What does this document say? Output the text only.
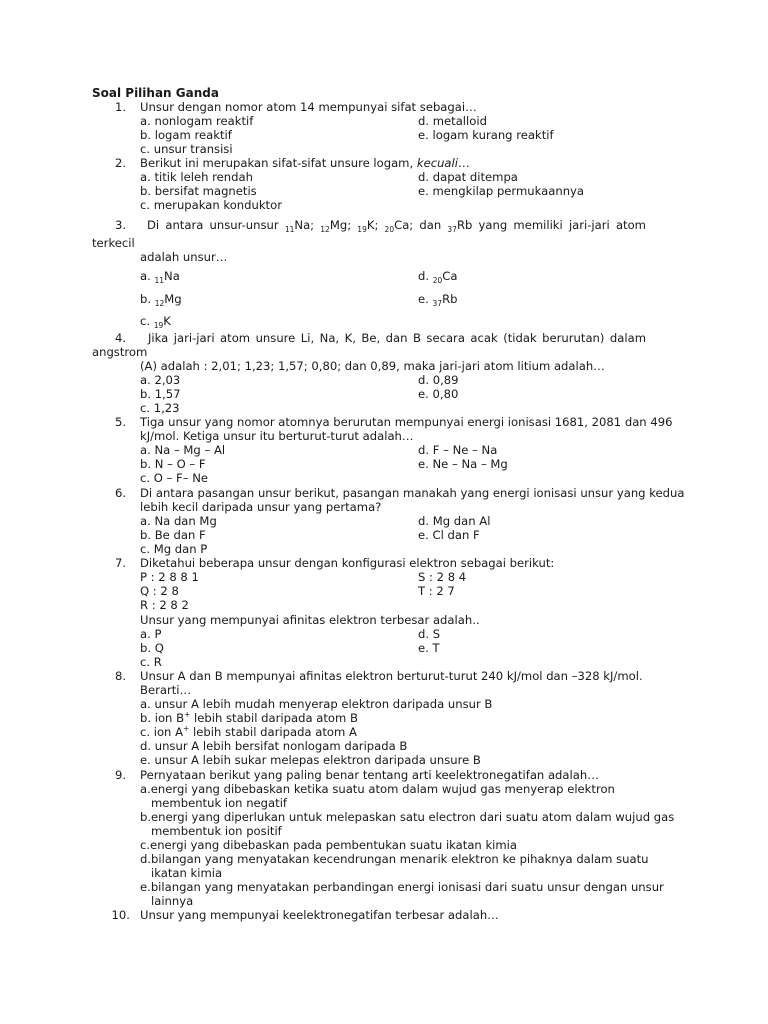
Soal Pilihan Ganda
1. Unsur dengan nomor atom 14 mempunyai sifat sebagai…
a. nonlogam reaktif	d. metalloid
b. logam reaktif	e. logam kurang reaktif
c. unsur transisi
2. Berikut ini merupakan sifat-sifat unsure logam, kecuali…
a. titik leleh rendah	d. dapat ditempa
b. bersifat magnetis	e. mengkilap permukaannya
c. merupakan konduktor
3. Di antara unsur-unsur $_{11}$Na; $_{12}$Mg; $_{19}$K; $_{20}$Ca; dan $_{37}$Rb yang memiliki jari-jari atom
terkecil
adalah unsur…
a. $_{11}$Na	d. $_{20}$Ca
b. $_{12}$Mg	e. $_{37}$Rb
c. $_{19}$K
4. Jika jari-jari atom unsure Li, Na, K, Be, dan B secara acak (tidak berurutan) dalam
angstrom
(A) adalah : 2,01; 1,23; 1,57; 0,80; dan 0,89, maka jari-jari atom litium adalah…
a. 2,03	d. 0,89
b. 1,57	e. 0,80
c. 1,23
5. Tiga unsur yang nomor atomnya berurutan mempunyai energi ionisasi 1681, 2081 dan 496
kJ/mol. Ketiga unsur itu berturut-turut adalah…
a. Na – Mg – Al	d. F – Ne – Na
b. N – O – F	e. Ne – Na – Mg
c. O – F– Ne
6. Di antara pasangan unsur berikut, pasangan manakah yang energi ionisasi unsur yang kedua
lebih kecil daripada unsur yang pertama?
a. Na dan Mg	d. Mg dan Al
b. Be dan F	e. Cl dan F
c. Mg dan P
7. Diketahui beberapa unsur dengan konfigurasi elektron sebagai berikut:
P : 2 8 8 1	S : 2 8 4
Q : 2 8	T : 2 7
R : 2 8 2
Unsur yang mempunyai afinitas elektron terbesar adalah..
a. P	d. S
b. Q	e. T
c. R
8. Unsur A dan B mempunyai afinitas elektron berturut-turut 240 kJ/mol dan –328 kJ/mol.
Berarti…
a. unsur A lebih mudah menyerap elektron daripada unsur B
b. ion B+ lebih stabil daripada atom B
c. ion A+ lebih stabil daripada atom A
d. unsur A lebih bersifat nonlogam daripada B
e. unsur A lebih sukar melepas elektron daripada unsure B
9. Pernyataan berikut yang paling benar tentang arti keelektronegatifan adalah…
a.energi yang dibebaskan ketika suatu atom dalam wujud gas menyerap elektron
membentuk ion negatif
b.energi yang diperlukan untuk melepaskan satu electron dari suatu atom dalam wujud gas
membentuk ion positif
c.energi yang dibebaskan pada pembentukan suatu ikatan kimia
d.bilangan yang menyatakan kecendrungan menarik elektron ke pihaknya dalam suatu
ikatan kimia
e.bilangan yang menyatakan perbandingan energi ionisasi dari suatu unsur dengan unsur
lainnya
10. Unsur yang mempunyai keelektronegatifan terbesar adalah…
